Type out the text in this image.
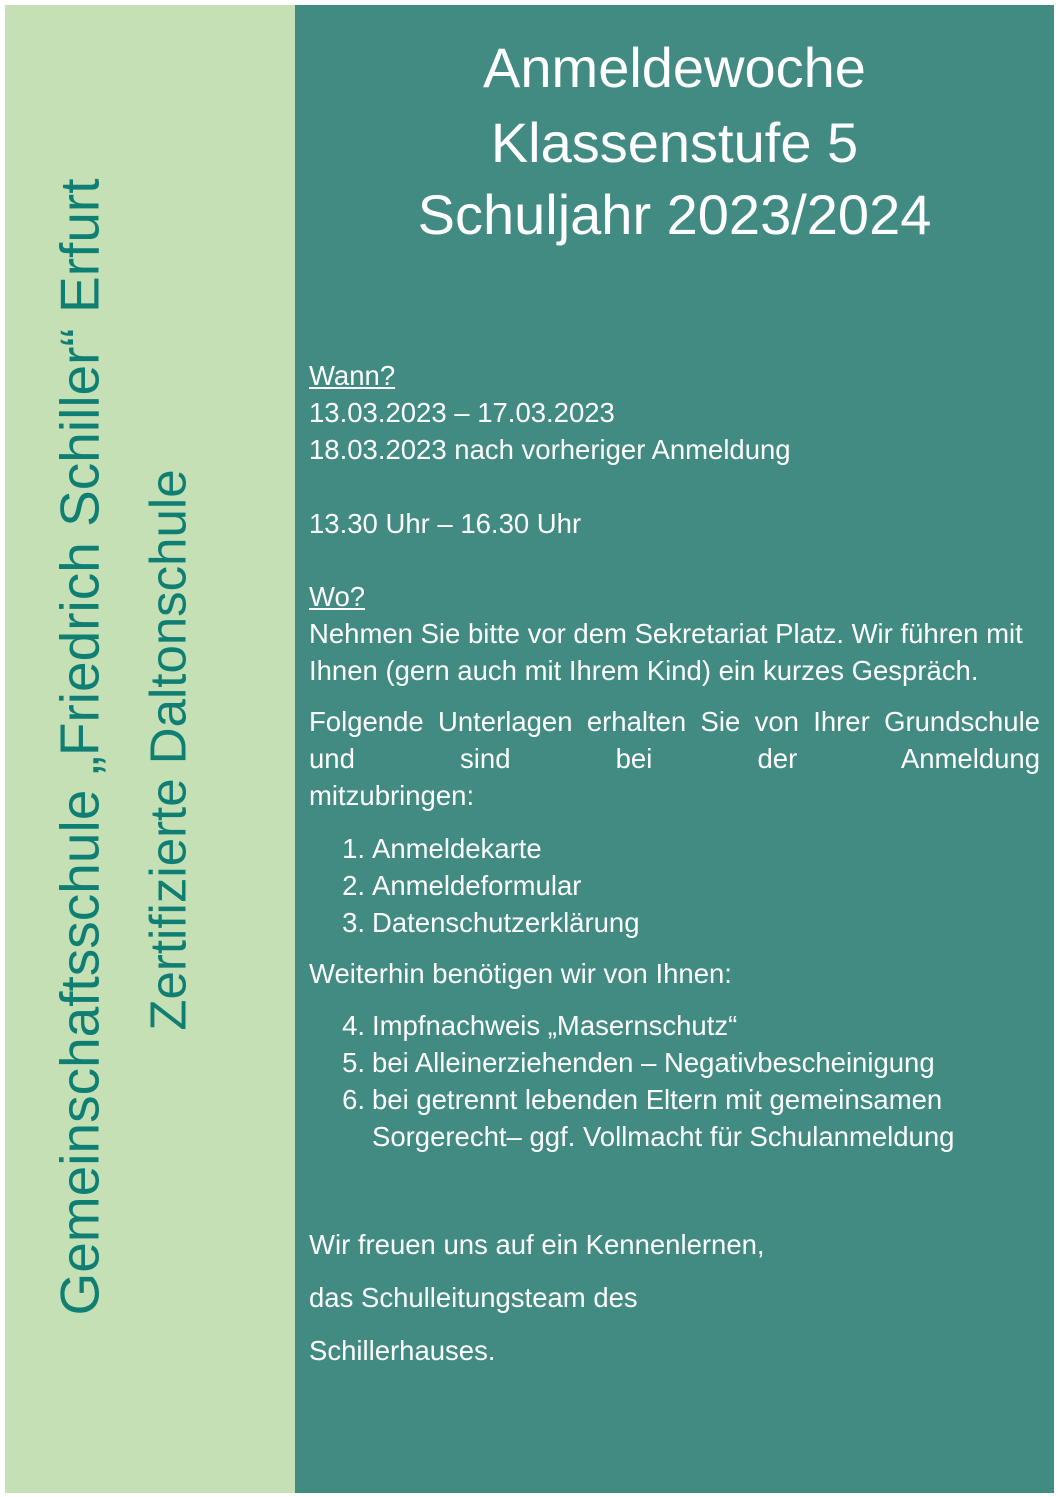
Gemeinschaftsschule „Friedrich Schiller“ Erfurt Zertifizierte Daltonschule
Anmeldewoche
Klassenstufe 5
Schuljahr 2023/2024

Wann?

13.03.2023 – 17.03.2023

18.03.2023 nach vorheriger Anmeldung

13.30 Uhr – 16.30 Uhr

Wo?

Nehmen Sie bitte vor dem Sekretariat Platz. Wir führen mit Ihnen (gern auch mit Ihrem Kind) ein kurzes Gespräch.

Folgende Unterlagen erhalten Sie von Ihrer Grundschule und sind bei der Anmeldung

mitzubringen:

1. Anmeldekarte
2. Anmeldeformular
3. Datenschutzerklärung

Weiterhin benötigen wir von Ihnen:

4. Impfnachweis „Masernschutz“
5. bei Alleinerziehenden – Negativbescheinigung
6. bei getrennt lebenden Eltern mit gemeinsamen Sorgerecht– ggf. Vollmacht für Schulanmeldung

Wir freuen uns auf ein Kennenlernen,

das Schulleitungsteam des

Schillerhauses.
